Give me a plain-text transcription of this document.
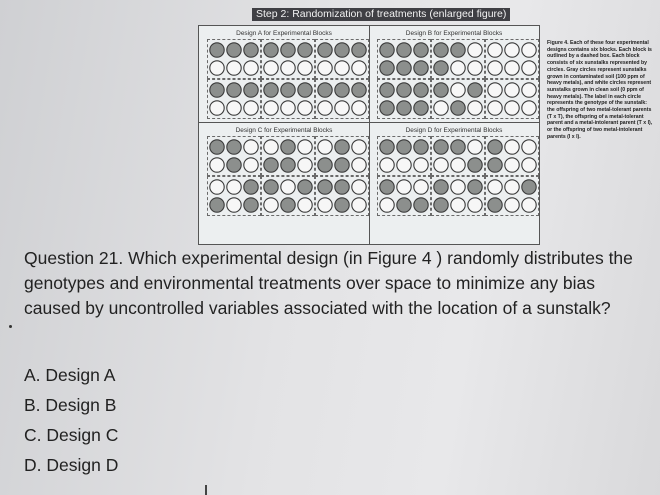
Step 2: Randomization of treatments (enlarged figure)
Design A for Experimental Blocks	Design B for Experimental Blocks
Design C for Experimental Blocks	Design D for Experimental Blocks
Figure 4. Each of these four experimental designs contains six blocks. Each block is outlined by a dashed box. Each block consists of six sunstalks represented by circles. Gray circles represent sunstalks grown in contaminated soil (100 ppm of heavy metals), and white circles represent sunstalks grown in clean soil (0 ppm of heavy metals). The label in each circle represents the genotype of the sunstalk: the offspring of two metal-tolerant parents (T x T), the offspring of a metal-tolerant parent and a metal-intolerant parent (T x I), or the offspring of two metal-intolerant parents (I x I).
Question 21. Which experimental design (in Figure 4 ) randomly distributes the genotypes and environmental treatments over space to minimize any bias caused by uncontrolled variables associated with the location of a sunstalk?
A. Design A
B. Design B
C. Design C
D. Design D
